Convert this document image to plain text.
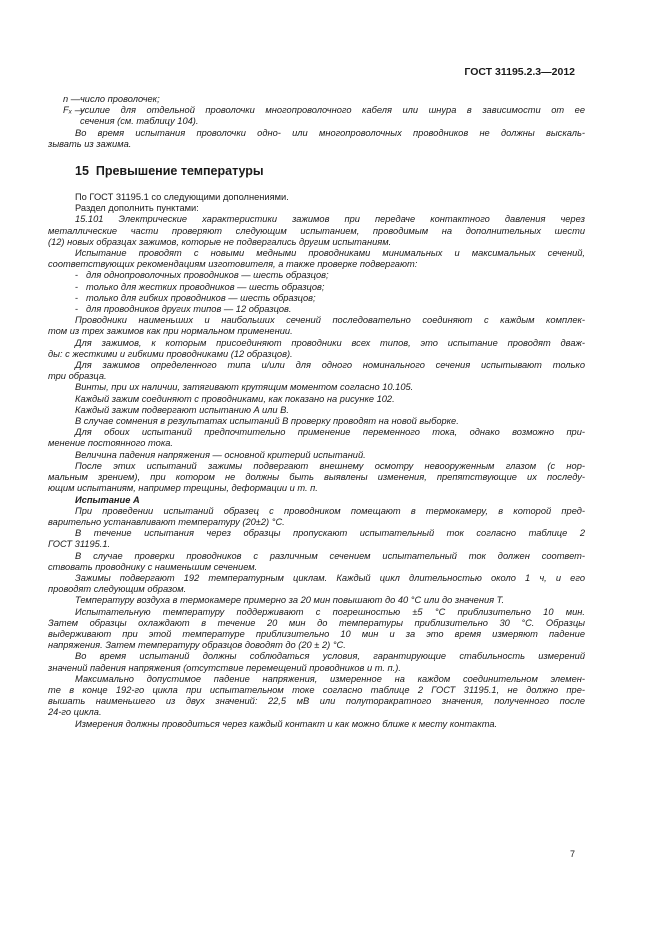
ГОСТ 31195.2.3—2012
n — число проволочек;

Fₓ —

усилие для отдельной проволочки многопроволочного кабеля или шнура в зависимости от ее

сечения (см. таблицу 104).

Во время испытания проволочки одно- или многопроволочных проводников не должны выскаль-

зывать из зажима.

15 Превышение температуры

По ГОСТ 31195.1 со следующими дополнениями.

Раздел дополнить пунктами:

15.101 Электрические характеристики зажимов при передаче контактного давления через

металлические части проверяют следующим испытанием, проводимым на дополнительных шести

(12) новых образцах зажимов, которые не подвергались другим испытаниям.

Испытание проводят с новыми медными проводниками минимальных и максимальных сечений,

соответствующих рекомендациям изготовителя, а также проверке подвергают:

- для однопроволочных проводников — шесть образцов;

- только для жестких проводников — шесть образцов;

- только для гибких проводников — шесть образцов;

- для проводников других типов — 12 образцов.

Проводники наименьших и наибольших сечений последовательно соединяют с каждым комплек-

том из трех зажимов как при нормальном применении.

Для зажимов, к которым присоединяют проводники всех типов, это испытание проводят дваж-

ды: с жесткими и гибкими проводниками (12 образцов).

Для зажимов определенного типа и/или для одного номинального сечения испытывают только

три образца.

Винты, при их наличии, затягивают крутящим моментом согласно 10.105.

Каждый зажим соединяют с проводниками, как показано на рисунке 102.

Каждый зажим подвергают испытанию A или B.

В случае сомнения в результатах испытаний B проверку проводят на новой выборке.

Для обоих испытаний предпочтительно применение переменного тока, однако возможно при-

менение постоянного тока.

Величина падения напряжения — основной критерий испытаний.

После этих испытаний зажимы подвергают внешнему осмотру невооруженным глазом (с нор-

мальным зрением), при котором не должны быть выявлены изменения, препятствующие их последу-

ющим испытаниям, например трещины, деформации и т. п.

Испытание A

При проведении испытаний образец с проводником помещают в термокамеру, в которой пред-

варительно устанавливают температуру (20±2) °С.

В течение испытания через образцы пропускают испытательный ток согласно таблице 2

ГОСТ 31195.1.

В случае проверки проводников с различным сечением испытательный ток должен соответ-

ствовать проводнику с наименьшим сечением.

Зажимы подвергают 192 температурным циклам. Каждый цикл длительностью около 1 ч, и его

проводят следующим образом.

Температуру воздуха в термокамере примерно за 20 мин повышают до 40 °С или до значения T.

Испытательную температуру поддерживают с погрешностью ±5 °С приблизительно 10 мин.

Затем образцы охлаждают в течение 20 мин до температуры приблизительно 30 °С. Образцы

выдерживают при этой температуре приблизительно 10 мин и за это время измеряют падение

напряжения. Затем температуру образцов доводят до (20 ± 2) °С.

Во время испытаний должны соблюдаться условия, гарантирующие стабильность измерений

значений падения напряжения (отсутствие перемещений проводников и т. п.).

Максимально допустимое падение напряжения, измеренное на каждом соединительном элемен-

те в конце 192-го цикла при испытательном токе согласно таблице 2 ГОСТ 31195.1, не должно пре-

вышать наименьшего из двух значений: 22,5 мВ или полуторакратного значения, полученного после

24-го цикла.

Измерения должны проводиться через каждый контакт и как можно ближе к месту контакта.

7
